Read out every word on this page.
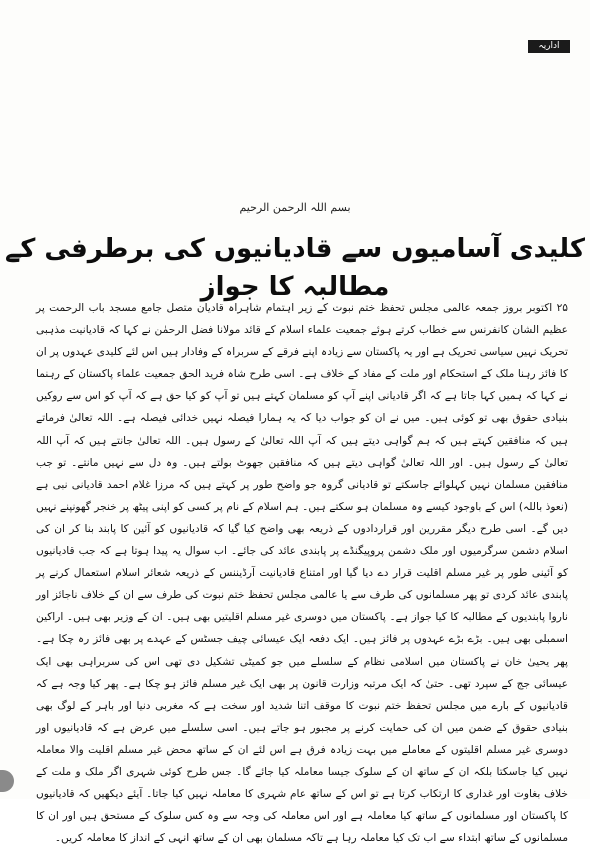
اداریہ
بسم اللہ الرحمن الرحیم
کلیدی آسامیوں سے قادیانیوں کی برطرفی کے مطالبہ کا جواز

۲۵ اکتوبر بروز جمعہ عالمی مجلس تحفظ ختم نبوت کے زیر اہتمام شاہراہ قادیان متصل جامع مسجد باب الرحمت پر عظیم الشان کانفرنس سے خطاب کرتے ہوئے جمعیت علماء اسلام کے قائد مولانا فضل الرحمٰن نے کہا کہ قادیانیت مذہبی تحریک نہیں سیاسی تحریک ہے اور یہ پاکستان سے زیادہ اپنے فرقے کے سربراہ کے وفادار ہیں اس لئے کلیدی عہدوں پر ان کا فائز رہنا ملک کے استحکام اور ملت کے مفاد کے خلاف ہے۔ اسی طرح شاہ فرید الحق جمعیت علماء پاکستان کے رہنما نے کہا کہ ہمیں کہا جاتا ہے کہ اگر قادیانی اپنے آپ کو مسلمان کہتے ہیں تو آپ کو کیا حق ہے کہ آپ کو اس سے روکیں بنیادی حقوق بھی تو کوئی ہیں۔ میں نے ان کو جواب دیا کہ یہ ہمارا فیصلہ نہیں خدائی فیصلہ ہے۔ اللہ تعالیٰ فرماتے ہیں کہ منافقین کہتے ہیں کہ ہم گواہی دیتے ہیں کہ آپ اللہ تعالیٰ کے رسول ہیں۔ اللہ تعالیٰ جانتے ہیں کہ آپ اللہ تعالیٰ کے رسول ہیں۔ اور اللہ تعالیٰ گواہی دیتے ہیں کہ منافقین جھوٹ بولتے ہیں۔ وہ دل سے نہیں مانتے۔ تو جب منافقین مسلمان نہیں کہلوائے جاسکتے تو قادیانی گروہ جو واضح طور پر کہتے ہیں کہ مرزا غلام احمد قادیانی نبی ہے (نعوذ باللہ) اس کے باوجود کیسے وہ مسلمان ہو سکتے ہیں۔ ہم اسلام کے نام پر کسی کو اپنی پیٹھ پر خنجر گھونپنے نہیں دیں گے۔ اسی طرح دیگر مقررین اور قراردادوں کے ذریعہ بھی واضح کیا گیا کہ قادیانیوں کو آئین کا پابند بنا کر ان کی اسلام دشمن سرگرمیوں اور ملک دشمن پروپیگنڈے پر پابندی عائد کی جائے۔ اب سوال یہ پیدا ہوتا ہے کہ جب قادیانیوں کو آئینی طور پر غیر مسلم اقلیت قرار دے دیا گیا اور امتناع قادیانیت آرڈیننس کے ذریعہ شعائر اسلام استعمال کرنے پر پابندی عائد کردی تو پھر مسلمانوں کی طرف سے یا عالمی مجلس تحفظ ختم نبوت کی طرف سے ان کے خلاف ناجائز اور ناروا پابندیوں کے مطالبہ کا کیا جواز ہے۔ پاکستان میں دوسری غیر مسلم اقلیتیں بھی ہیں۔ ان کے وزیر بھی ہیں۔ اراکین اسمبلی بھی ہیں۔ بڑے بڑے عہدوں پر فائز ہیں۔ ایک دفعہ ایک عیسائی چیف جسٹس کے عہدے پر بھی فائز رہ چکا ہے۔ پھر یحییٰ خان نے پاکستان میں اسلامی نظام کے سلسلے میں جو کمیٹی تشکیل دی تھی اس کی سربراہی بھی ایک عیسائی جج کے سپرد تھی۔ حتیٰ کہ ایک مرتبہ وزارت قانون پر بھی ایک غیر مسلم فائز ہو چکا ہے۔ پھر کیا وجہ ہے کہ قادیانیوں کے بارے میں مجلس تحفظ ختم نبوت کا موقف اتنا شدید اور سخت ہے کہ مغربی دنیا اور باہر کے لوگ بھی بنیادی حقوق کے ضمن میں ان کی حمایت کرنے پر مجبور ہو جاتے ہیں۔ اسی سلسلے میں عرض ہے کہ قادیانیوں اور دوسری غیر مسلم اقلیتوں کے معاملے میں بہت زیادہ فرق ہے اس لئے ان کے ساتھ محض غیر مسلم اقلیت والا معاملہ نہیں کیا جاسکتا بلکہ ان کے ساتھ ان کے سلوک جیسا معاملہ کیا جائے گا۔ جس طرح کوئی شہری اگر ملک و ملت کے خلاف بغاوت اور غداری کا ارتکاب کرتا ہے تو اس کے ساتھ عام شہری کا معاملہ نہیں کیا جاتا۔ آیئے دیکھیں کہ قادیانیوں کا پاکستان اور مسلمانوں کے ساتھ کیا معاملہ ہے اور اس معاملہ کی وجہ سے وہ کس سلوک کے مستحق ہیں اور ان کا مسلمانوں کے ساتھ ابتداء سے اب تک کیا معاملہ رہا ہے تاکہ مسلمان بھی ان کے ساتھ انہی کے انداز کا معاملہ کریں۔
